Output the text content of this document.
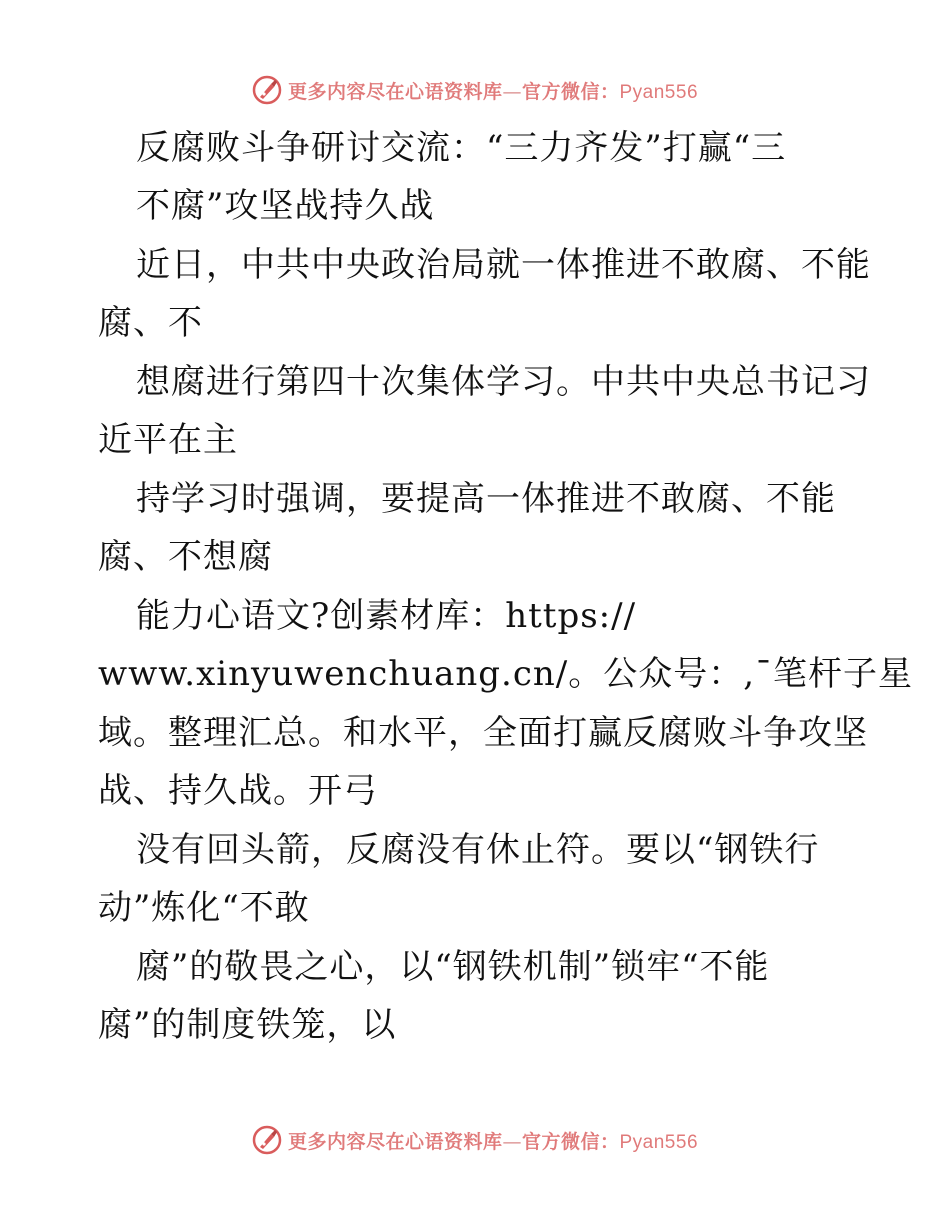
更多内容尽在心语资料库—官方微信：Pyan556
反腐败斗争研讨交流：“三力齐发”打赢“三
不腐”攻坚战持久战
近日，中共中央政治局就一体推进不敢腐、不能
腐、不
想腐进行第四十次集体学习。中共中央总书记习
近平在主
持学习时强调，要提高一体推进不敢腐、不能
腐、不想腐
能力心语文?创素材库：https://
www.xinyuwenchuang.cn/。公众号：,¯笔杆子星
域。整理汇总。和水平，全面打赢反腐败斗争攻坚
战、持久战。开弓
没有回头箭，反腐没有休止符。要以“钢铁行
动”炼化“不敢
腐”的敬畏之心，以“钢铁机制”锁牢“不能
腐”的制度铁笼，以
更多内容尽在心语资料库—官方微信：Pyan556
